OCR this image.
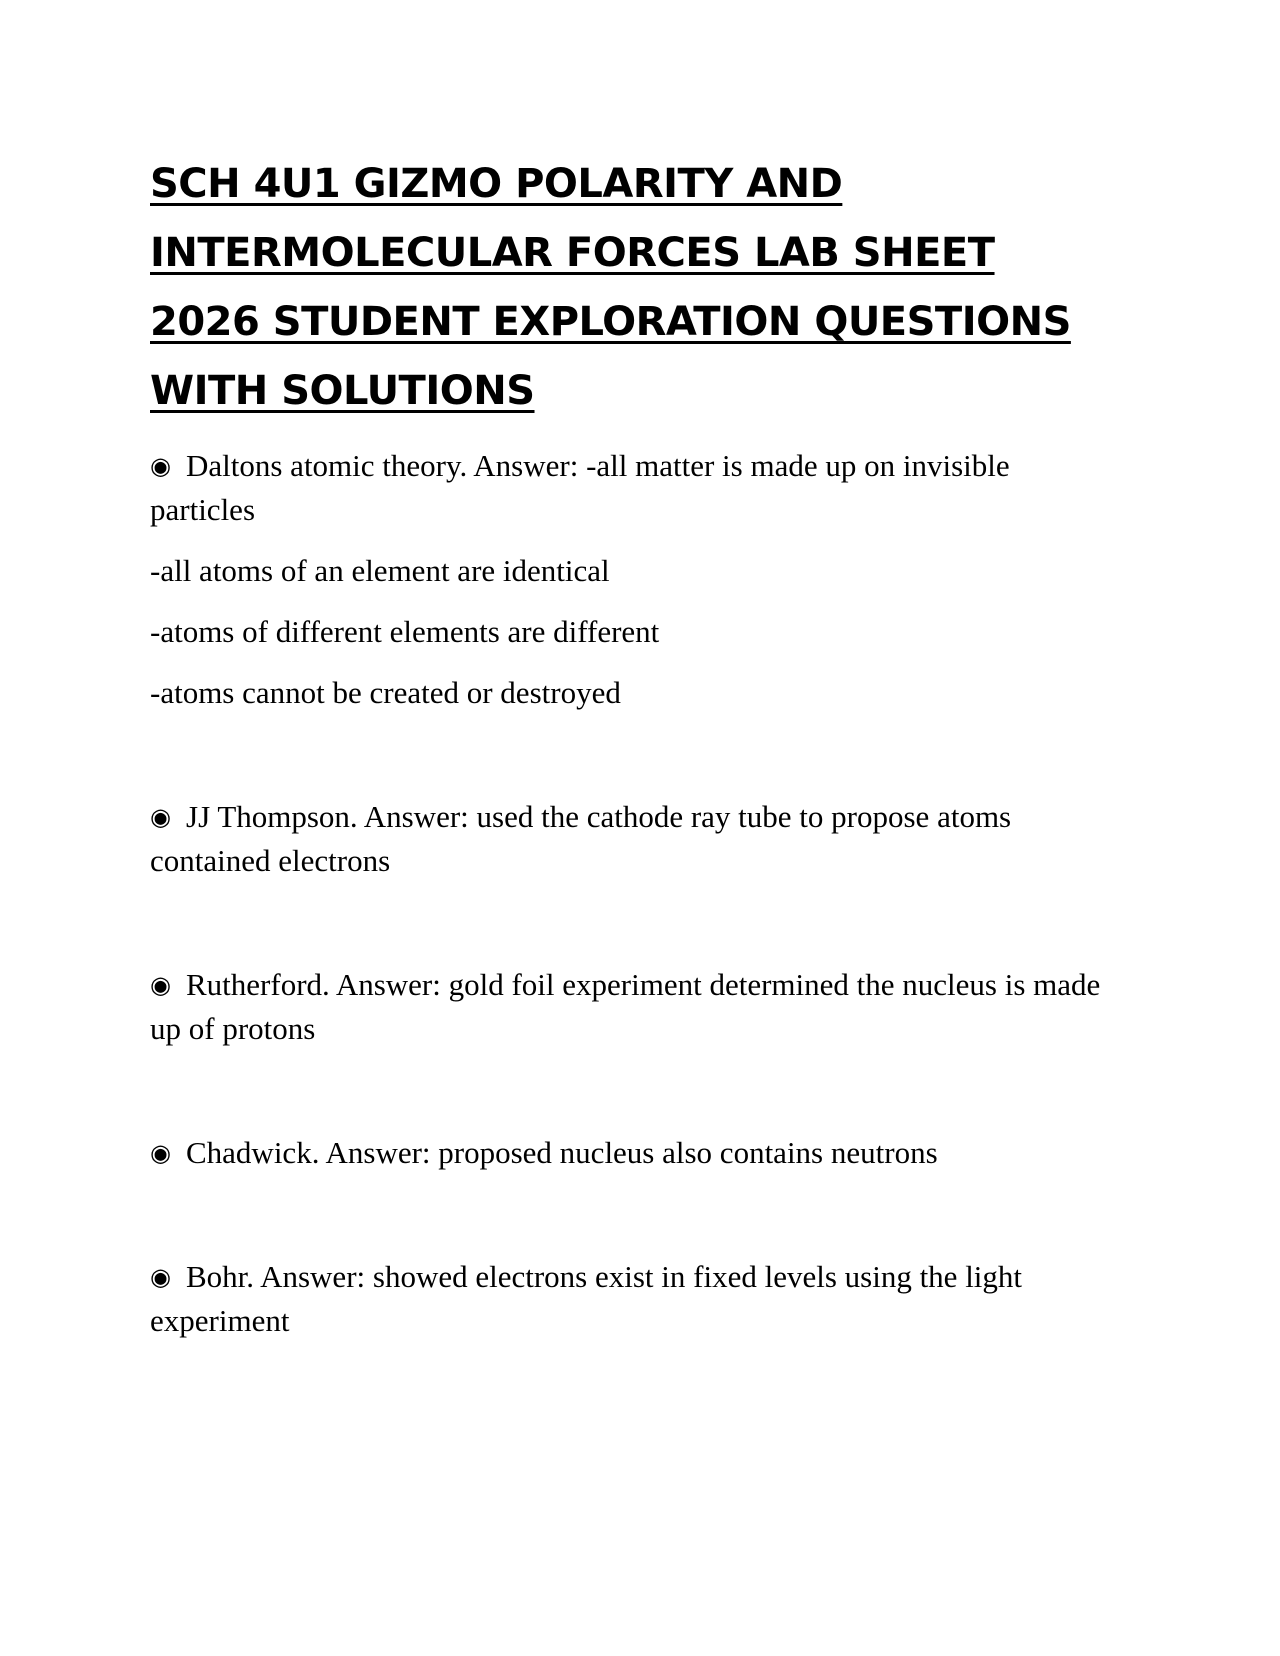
SCH 4U1 GIZMO POLARITY AND INTERMOLECULAR FORCES LAB SHEET 2026 STUDENT EXPLORATION QUESTIONS WITH SOLUTIONS

◉ Daltons atomic theory. Answer: -all matter is made up on invisible particles

-all atoms of an element are identical

-atoms of different elements are different

-atoms cannot be created or destroyed

◉ JJ Thompson. Answer: used the cathode ray tube to propose atoms contained electrons

◉ Rutherford. Answer: gold foil experiment determined the nucleus is made up of protons

◉ Chadwick. Answer: proposed nucleus also contains neutrons

◉ Bohr. Answer: showed electrons exist in fixed levels using the light experiment
